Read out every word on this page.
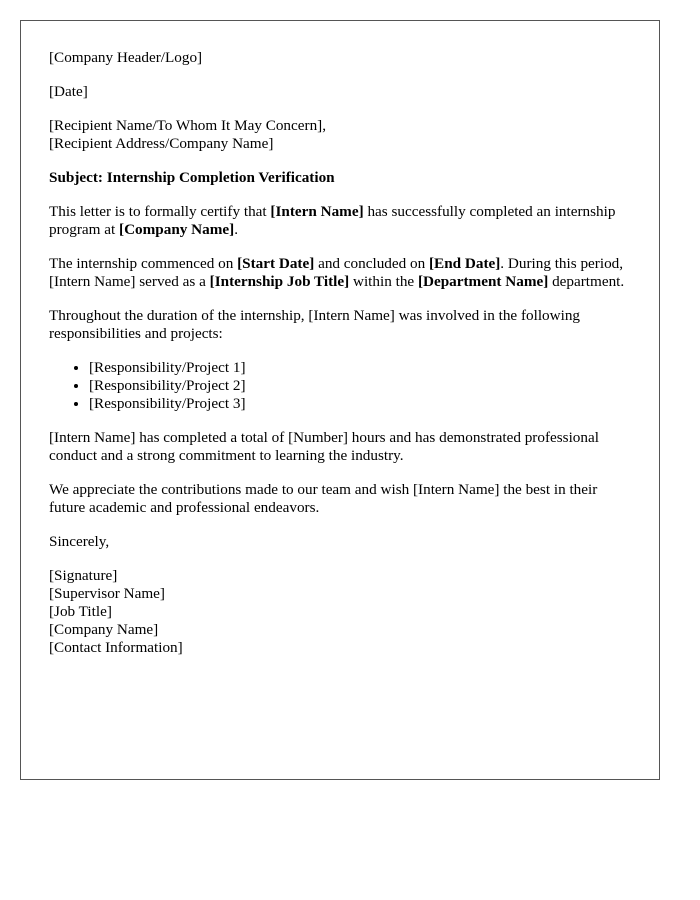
[Company Header/Logo]

[Date]

[Recipient Name/To Whom It May Concern],
[Recipient Address/Company Name]

Subject: Internship Completion Verification

This letter is to formally certify that [Intern Name] has successfully completed an internship program at [Company Name].

The internship commenced on [Start Date] and concluded on [End Date]. During this period, [Intern Name] served as a [Internship Job Title] within the [Department Name] department.

Throughout the duration of the internship, [Intern Name] was involved in the following responsibilities and projects:

• [Responsibility/Project 1]
• [Responsibility/Project 2]
• [Responsibility/Project 3]

[Intern Name] has completed a total of [Number] hours and has demonstrated professional conduct and a strong commitment to learning the industry.

We appreciate the contributions made to our team and wish [Intern Name] the best in their future academic and professional endeavors.

Sincerely,

[Signature]
[Supervisor Name]
[Job Title]
[Company Name]
[Contact Information]
